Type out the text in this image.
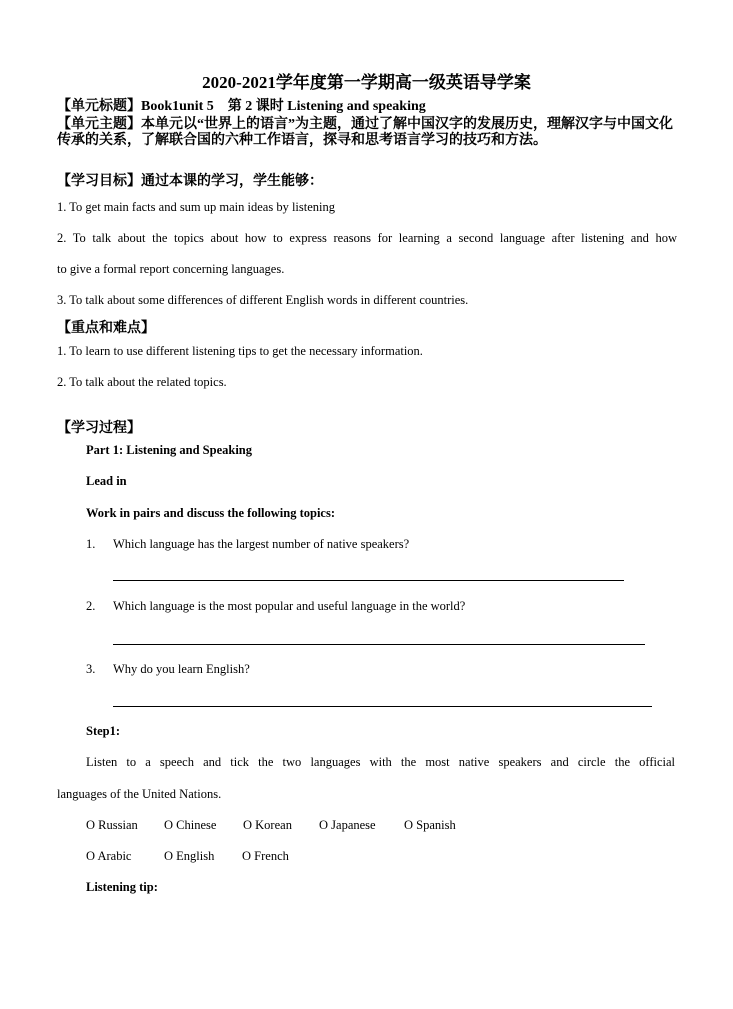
2020-2021学年度第一学期高一级英语导学案
【单元标题】Book1unit 5　第 2 课时 Listening and speaking
【单元主题】本单元以“世界上的语言”为主题，通过了解中国汉字的发展历史，理解汉字与中国文化传承的关系，了解联合国的六种工作语言，探寻和思考语言学习的技巧和方法。
【学习目标】通过本课的学习，学生能够：
1. To get main facts and sum up main ideas by listening
2. To talk about the topics about how to express reasons for learning a second language after listening and how
to give a formal report concerning languages.
3. To talk about some differences of different English words in different countries.
【重点和难点】
1. To learn to use different listening tips to get the necessary information.
2. To talk about the related topics.
【学习过程】
Part 1: Listening and Speaking
Lead in
Work in pairs and discuss the following topics:
1. Which language has the largest number of native speakers?
2. Which language is the most popular and useful language in the world?
3. Why do you learn English?
Step1:
Listen to a speech and tick the two languages with the most native speakers and circle the official
languages of the United Nations.
O Russian O Chinese O Korean O Japanese O Spanish
O Arabic	O English O French
Listening tip:
